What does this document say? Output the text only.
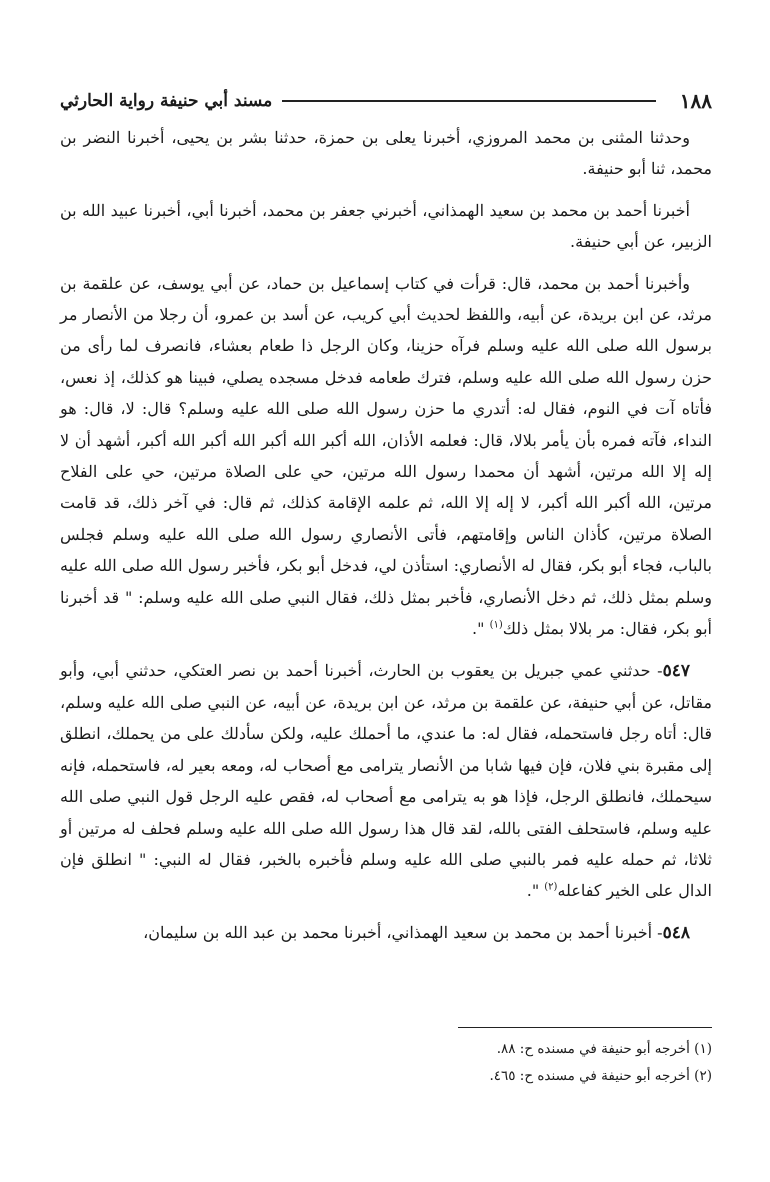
١٨٨
مسند أبي حنيفة رواية الحارثي

وحدثنا المثنى بن محمد المروزي، أخبرنا يعلى بن حمزة، حدثنا بشر بن يحيى، أخبرنا النضر بن محمد، ثنا أبو حنيفة.

أخبرنا أحمد بن محمد بن سعيد الهمذاني، أخبرني جعفر بن محمد، أخبرنا أبي، أخبرنا عبيد الله بن الزبير، عن أبي حنيفة.

وأخبرنا أحمد بن محمد، قال: قرأت في كتاب إسماعيل بن حماد، عن أبي يوسف، عن علقمة بن مرثد، عن ابن بريدة، عن أبيه، واللفظ لحديث أبي كريب، عن أسد بن عمرو، أن رجلا من الأنصار مر برسول الله صلى الله عليه وسلم فرآه حزينا، وكان الرجل ذا طعام بعشاء، فانصرف لما رأى من حزن رسول الله صلى الله عليه وسلم، فترك طعامه فدخل مسجده يصلي، فبينا هو كذلك، إذ نعس، فأتاه آت في النوم، فقال له: أتدري ما حزن رسول الله صلى الله عليه وسلم؟ قال: لا، قال: هو النداء، فآته فمره بأن يأمر بلالا، قال: فعلمه الأذان، الله أكبر الله أكبر الله أكبر الله أكبر، أشهد أن لا إله إلا الله مرتين، أشهد أن محمدا رسول الله مرتين، حي على الصلاة مرتين، حي على الفلاح مرتين، الله أكبر الله أكبر، لا إله إلا الله، ثم علمه الإقامة كذلك، ثم قال: في آخر ذلك، قد قامت الصلاة مرتين، كأذان الناس وإقامتهم، فأتى الأنصاري رسول الله صلى الله عليه وسلم فجلس بالباب، فجاء أبو بكر، فقال له الأنصاري: استأذن لي، فدخل أبو بكر، فأخبر رسول الله صلى الله عليه وسلم بمثل ذلك، ثم دخل الأنصاري، فأخبر بمثل ذلك، فقال النبي صلى الله عليه وسلم: " قد أخبرنا أبو بكر، فقال: مر بلالا بمثل ذلك$^{(١)}$ ".

٥٤٧- حدثني عمي جبريل بن يعقوب بن الحارث، أخبرنا أحمد بن نصر العتكي، حدثني أبي، وأبو مقاتل، عن أبي حنيفة، عن علقمة بن مرثد، عن ابن بريدة، عن أبيه، عن النبي صلى الله عليه وسلم، قال: أتاه رجل فاستحمله، فقال له: ما عندي، ما أحملك عليه، ولكن سأدلك على من يحملك، انطلق إلى مقبرة بني فلان، فإن فيها شابا من الأنصار يترامى مع أصحاب له، ومعه بعير له، فاستحمله، فإنه سيحملك، فانطلق الرجل، فإذا هو به يترامى مع أصحاب له، فقص عليه الرجل قول النبي صلى الله عليه وسلم، فاستحلف الفتى بالله، لقد قال هذا رسول الله صلى الله عليه وسلم فحلف له مرتين أو ثلاثا، ثم حمله عليه فمر بالنبي صلى الله عليه وسلم فأخبره بالخبر، فقال له النبي: " انطلق فإن الدال على الخير كفاعله$^{(٢)}$ ".

٥٤٨- أخبرنا أحمد بن محمد بن سعيد الهمذاني، أخبرنا محمد بن عبد الله بن سليمان،

(١) أخرجه أبو حنيفة في مسنده ح: ٨٨.
(٢) أخرجه أبو حنيفة في مسنده ح: ٤٦٥.
